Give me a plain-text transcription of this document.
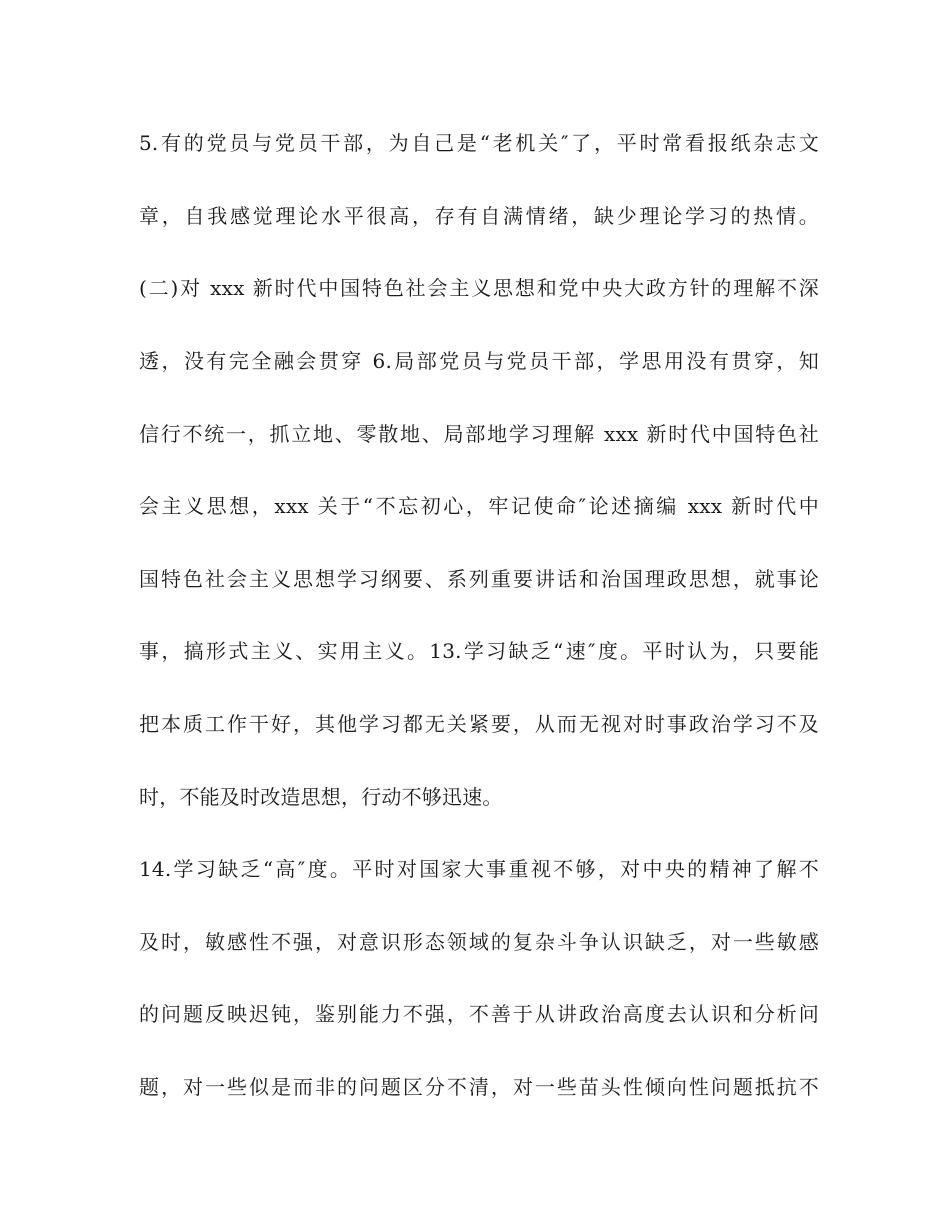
5.有的党员与党员干部，为自己是“老机关″了，平时常看报纸杂志文
章，自我感觉理论水平很高，存有自满情绪，缺少理论学习的热情。
(二)对 xxx 新时代中国特色社会主义思想和党中央大政方针的理解不深
透，没有完全融会贯穿 6.局部党员与党员干部，学思用没有贯穿，知
信行不统一，抓立地、零散地、局部地学习理解 xxx 新时代中国特色社
会主义思想，xxx 关于“不忘初心，牢记使命″论述摘编 xxx 新时代中
国特色社会主义思想学习纲要、系列重要讲话和治国理政思想，就事论
事，搞形式主义、实用主义。13.学习缺乏“速″度。平时认为，只要能
把本质工作干好，其他学习都无关紧要，从而无视对时事政治学习不及
时，不能及时改造思想，行动不够迅速。
14.学习缺乏“高″度。平时对国家大事重视不够，对中央的精神了解不
及时，敏感性不强，对意识形态领域的复杂斗争认识缺乏，对一些敏感
的问题反映迟钝，鉴别能力不强，不善于从讲政治高度去认识和分析问
题，对一些似是而非的问题区分不清，对一些苗头性倾向性问题抵抗不
